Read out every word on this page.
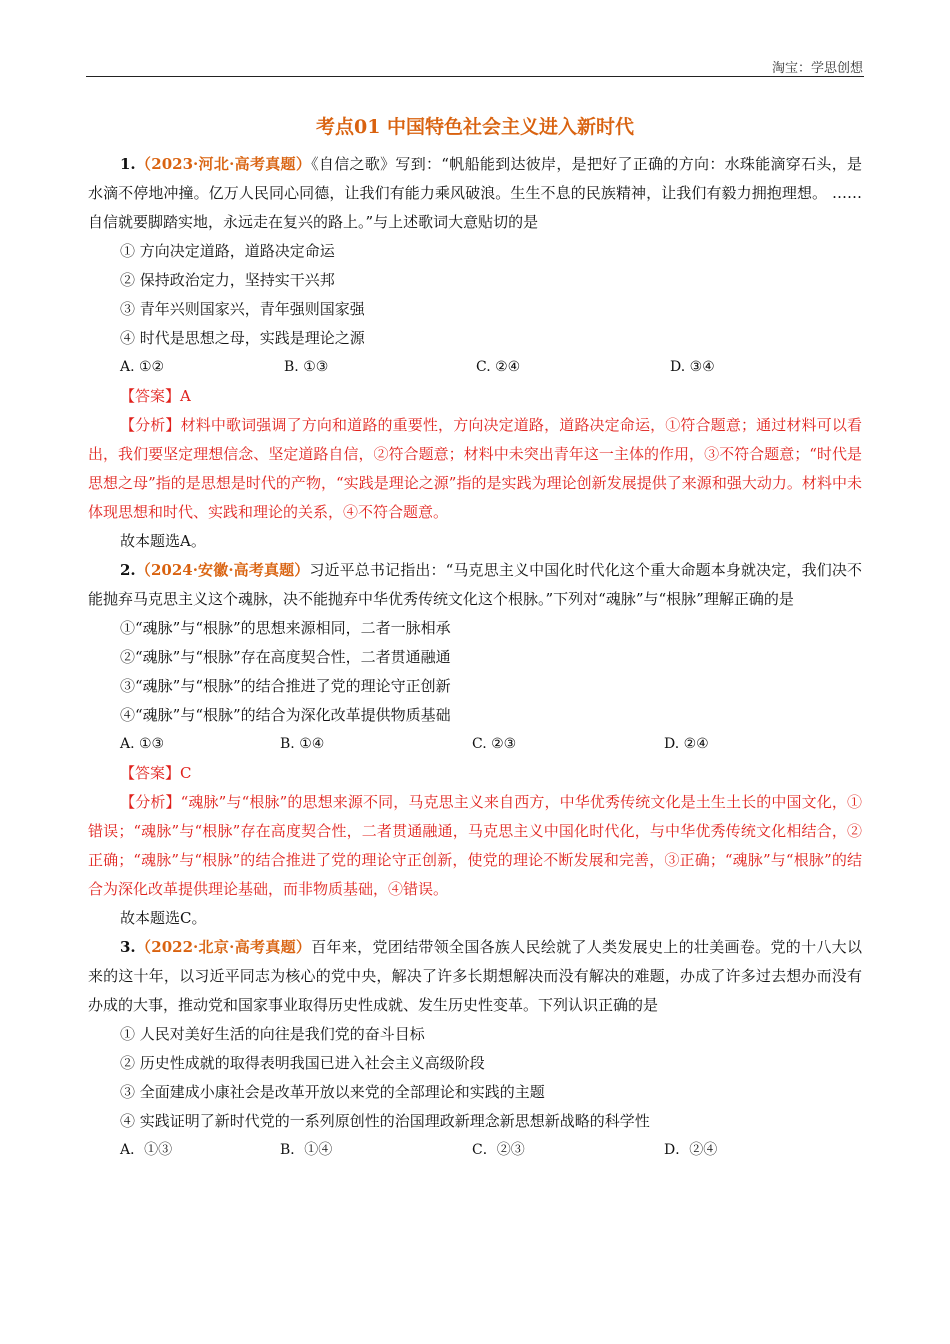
淘宝：学思创想
考点01 中国特色社会主义进入新时代

1.（2023·河北·高考真题）《自信之歌》写到：“帆船能到达彼岸，是把好了正确的方向：水珠能滴穿石头，是水滴不停地冲撞。亿万人民同心同德，让我们有能力乘风破浪。生生不息的民族精神，让我们有毅力拥抱理想。 ……自信就要脚踏实地，永远走在复兴的路上。”与上述歌词大意贴切的是

① 方向决定道路，道路决定命运

② 保持政治定力，坚持实干兴邦

③ 青年兴则国家兴，青年强则国家强

④ 时代是思想之母，实践是理论之源

A. ①②	B. ①③	C. ②④	D. ③④

【答案】A

【分析】材料中歌词强调了方向和道路的重要性，方向决定道路，道路决定命运，①符合题意；通过材料可以看出，我们要坚定理想信念、坚定道路自信，②符合题意；材料中未突出青年这一主体的作用，③不符合题意；“时代是思想之母”指的是思想是时代的产物，“实践是理论之源”指的是实践为理论创新发展提供了来源和强大动力。材料中未体现思想和时代、实践和理论的关系，④不符合题意。

故本题选A。

2.（2024·安徽·高考真题）习近平总书记指出：“马克思主义中国化时代化这个重大命题本身就决定，我们决不能抛弃马克思主义这个魂脉，决不能抛弃中华优秀传统文化这个根脉。”下列对“魂脉”与“根脉”理解正确的是

①“魂脉”与“根脉”的思想来源相同，二者一脉相承

②“魂脉”与“根脉”存在高度契合性，二者贯通融通

③“魂脉”与“根脉”的结合推进了党的理论守正创新

④“魂脉”与“根脉”的结合为深化改革提供物质基础

A. ①③	B. ①④	C. ②③	D. ②④

【答案】C

【分析】“魂脉”与“根脉”的思想来源不同，马克思主义来自西方，中华优秀传统文化是土生土长的中国文化，①错误；“魂脉”与“根脉”存在高度契合性，二者贯通融通，马克思主义中国化时代化，与中华优秀传统文化相结合，②正确；“魂脉”与“根脉”的结合推进了党的理论守正创新，使党的理论不断发展和完善，③正确；“魂脉”与“根脉”的结合为深化改革提供理论基础，而非物质基础，④错误。

故本题选C。

3.（2022·北京·高考真题）百年来，党团结带领全国各族人民绘就了人类发展史上的壮美画卷。党的十八大以来的这十年，以习近平同志为核心的党中央，解决了许多长期想解决而没有解决的难题，办成了许多过去想办而没有办成的大事，推动党和国家事业取得历史性成就、发生历史性变革。下列认识正确的是

① 人民对美好生活的向往是我们党的奋斗目标

② 历史性成就的取得表明我国已进入社会主义高级阶段

③ 全面建成小康社会是改革开放以来党的全部理论和实践的主题

④ 实践证明了新时代党的一系列原创性的治国理政新理念新思想新战略的科学性

A．①③	B．①④	C．②③	D．②④
